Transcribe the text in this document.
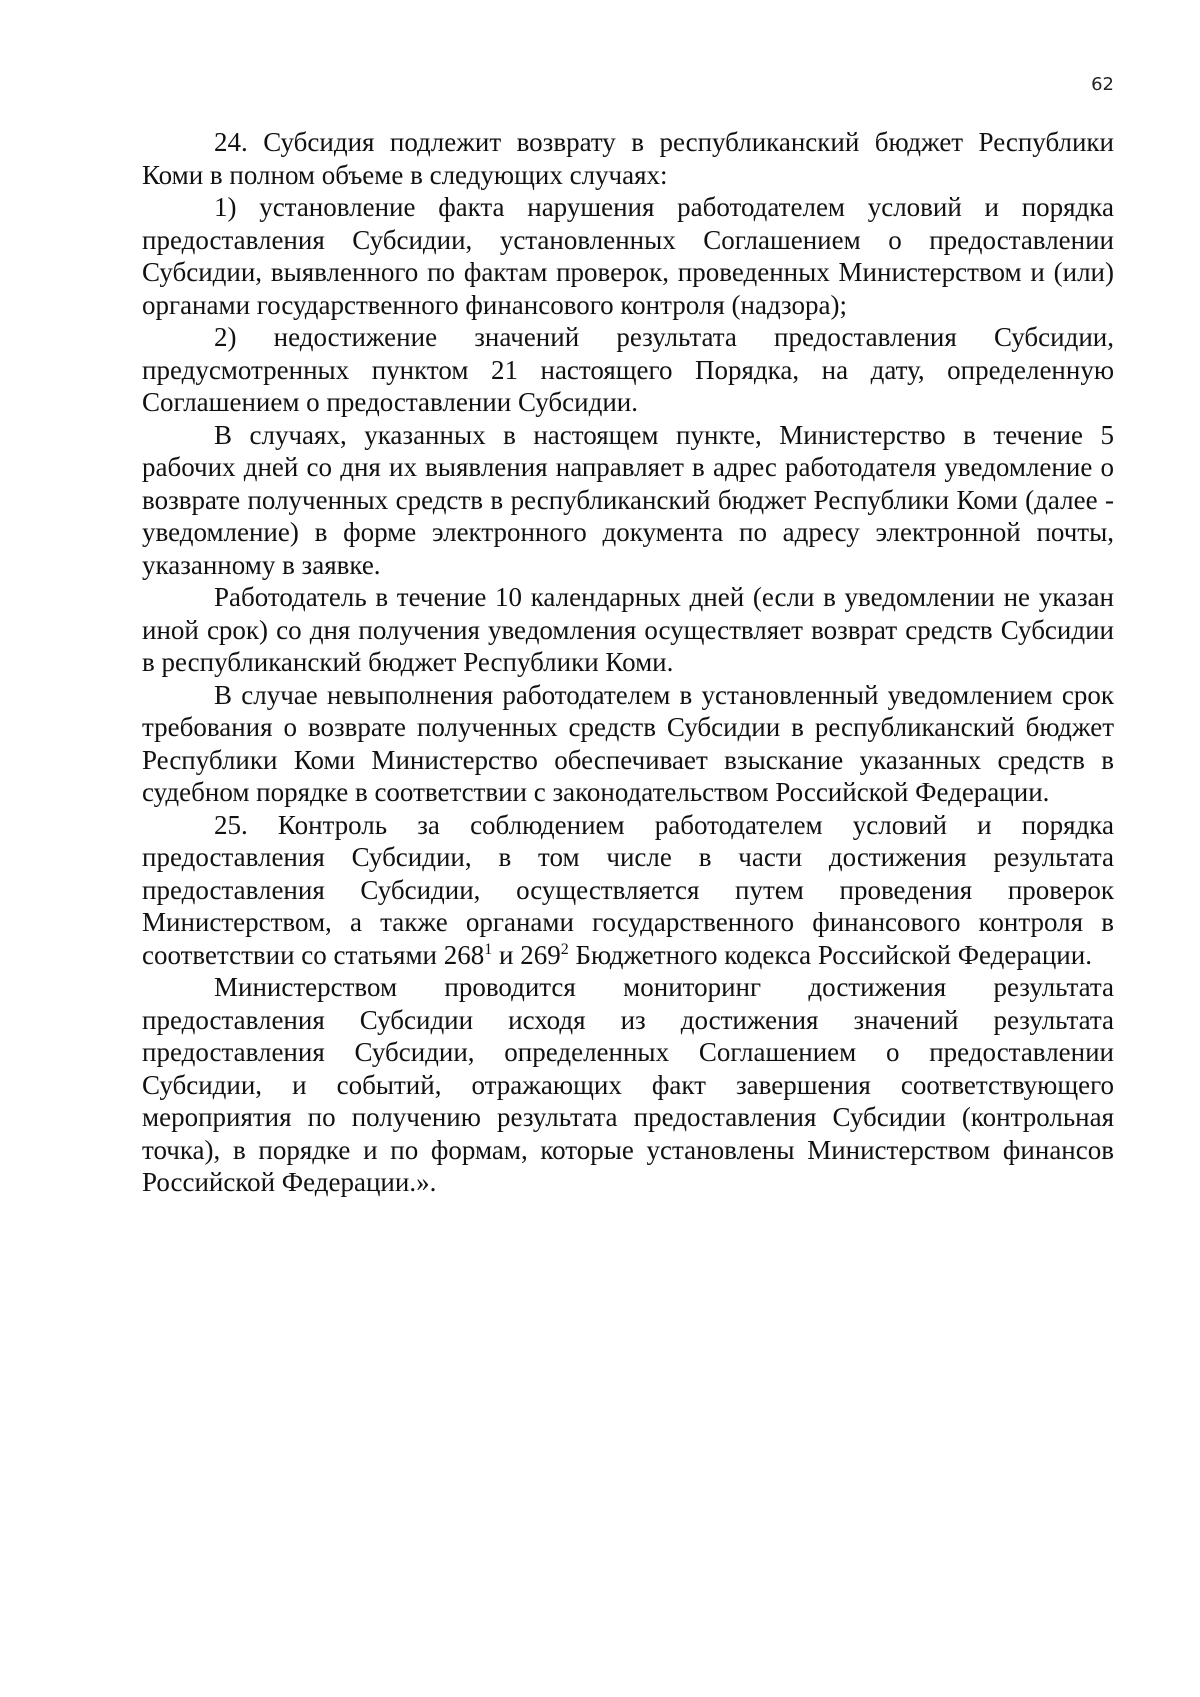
62

24. Субсидия подлежит возврату в республиканский бюджет Республики Коми в полном объеме в следующих случаях:

1) установление факта нарушения работодателем условий и порядка предоставления Субсидии, установленных Соглашением о предоставлении Субсидии, выявленного по фактам проверок, проведенных Министерством и (или) органами государственного финансового контроля (надзора);

2) недостижение значений результата предоставления Субсидии, предусмотренных пунктом 21 настоящего Порядка, на дату, определенную Соглашением о предоставлении Субсидии.

В случаях, указанных в настоящем пункте, Министерство в течение 5 рабочих дней со дня их выявления направляет в адрес работодателя уведомление о возврате полученных средств в республиканский бюджет Республики Коми (далее - уведомление) в форме электронного документа по адресу электронной почты, указанному в заявке.

Работодатель в течение 10 календарных дней (если в уведомлении не указан иной срок) со дня получения уведомления осуществляет возврат средств Субсидии в республиканский бюджет Республики Коми.

В случае невыполнения работодателем в установленный уведомлением срок требования о возврате полученных средств Субсидии в республиканский бюджет Республики Коми Министерство обеспечивает взыскание указанных средств в судебном порядке в соответствии с законодательством Российской Федерации.

25. Контроль за соблюдением работодателем условий и порядка предоставления Субсидии, в том числе в части достижения результата предоставления Субсидии, осуществляется путем проведения проверок Министерством, а также органами государственного финансового контроля в соответствии со статьями $268^1$ и $269^2$ Бюджетного кодекса Российской Федерации.

Министерством проводится мониторинг достижения результата предоставления Субсидии исходя из достижения значений результата предоставления Субсидии, определенных Соглашением о предоставлении Субсидии, и событий, отражающих факт завершения соответствующего мероприятия по получению результата предоставления Субсидии (контрольная точка), в порядке и по формам, которые установлены Министерством финансов Российской Федерации.».
